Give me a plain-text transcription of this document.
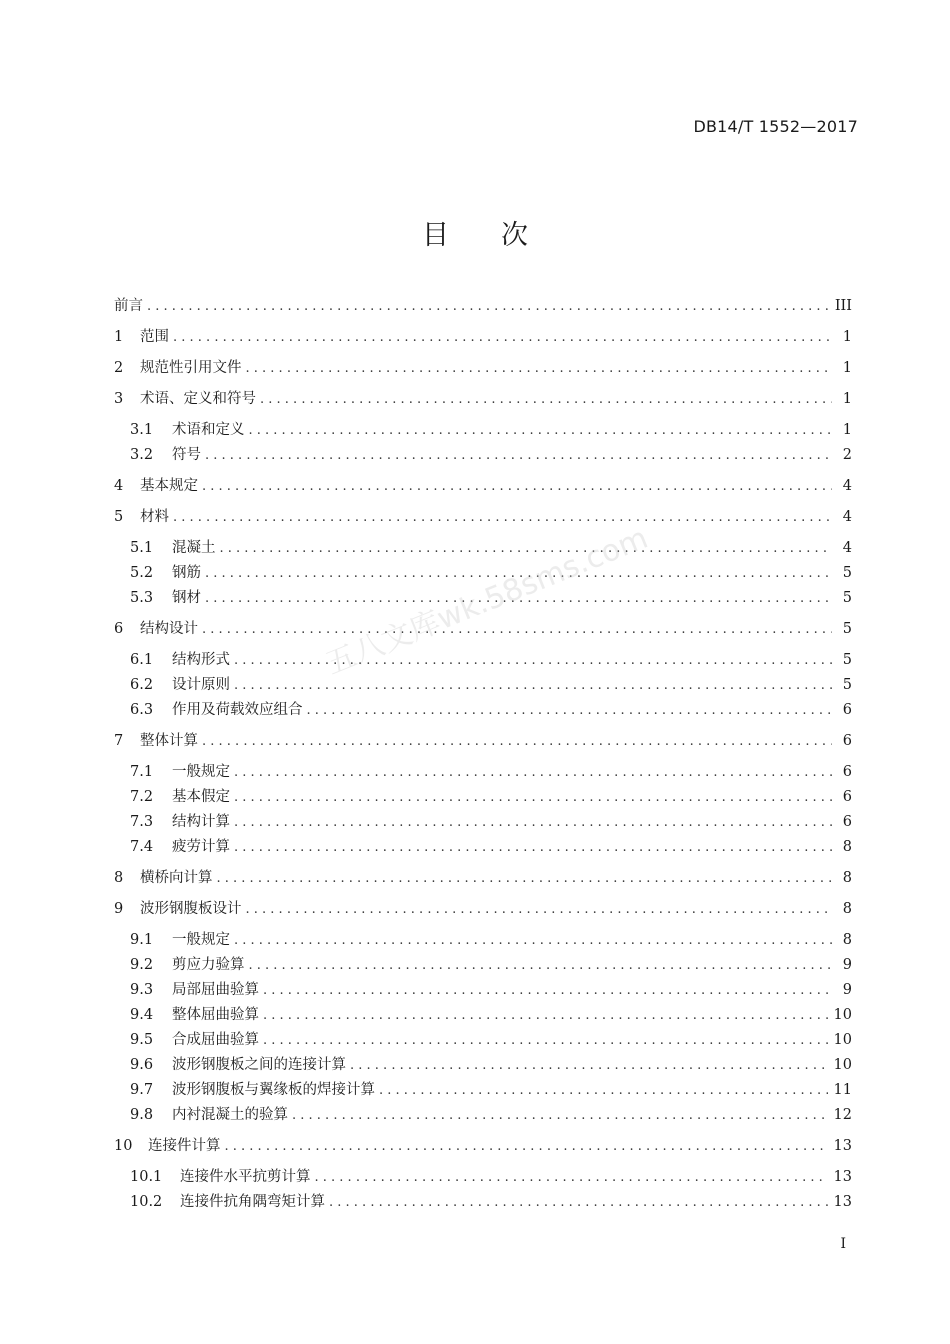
DB14/T 1552—2017
目 次
前言 . . .	III
1	范围 . . .	1
2	规范性引用文件 . . .	1
3	术语、定义和符号 . . .	1
3.1	术语和定义 . . .	1
3.2	符号 . . .	2
4	基本规定 . . .	4
5	材料 . . .	4
5.1	混凝土 . . .	4
5.2	钢筋 . . .	5
5.3	钢材 . . .	5
6	结构设计 . . .	5
6.1	结构形式 . . .	5
6.2	设计原则 . . .	5
6.3	作用及荷载效应组合 . . .	6
7	整体计算 . . .	6
7.1	一般规定 . . .	6
7.2	基本假定 . . .	6
7.3	结构计算 . . .	6
7.4	疲劳计算 . . .	8
8	横桥向计算 . . .	8
9	波形钢腹板设计 . . .	8
9.1	一般规定 . . .	8
9.2	剪应力验算 . . .	9
9.3	局部屈曲验算 . . .	9
9.4	整体屈曲验算 . . .	10
9.5	合成屈曲验算 . . .	10
9.6	波形钢腹板之间的连接计算 . . .	10
9.7	波形钢腹板与翼缘板的焊接计算 . . .	11
9.8	内衬混凝土的验算 . . .	12
10	连接件计算 . . .	13
10.1	连接件水平抗剪计算 . . .	13
10.2	连接件抗角隅弯矩计算 . . .	13
五八文库wk.58sms.com
I
